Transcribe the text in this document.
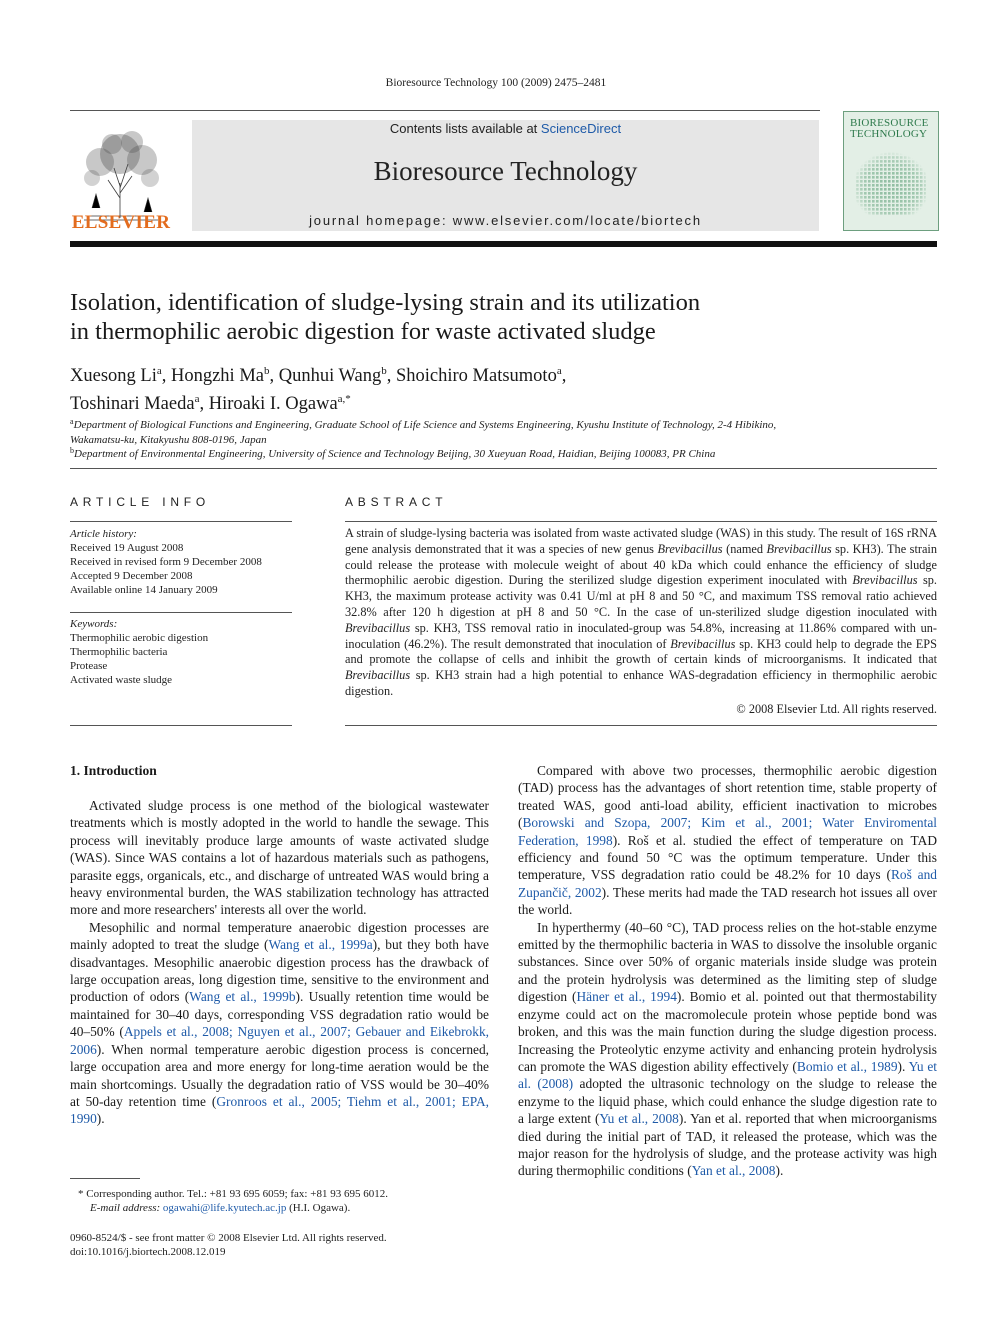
Bioresource Technology 100 (2009) 2475–2481
ELSEVIER
Contents lists available at ScienceDirect
Bioresource Technology
journal homepage: www.elsevier.com/locate/biortech
BIORESOURCE TECHNOLOGY
Isolation, identification of sludge-lysing strain and its utilization
in thermophilic aerobic digestion for waste activated sludge
Xuesong Li$^a$, Hongzhi Ma$^b$, Qunhui Wang$^b$, Shoichiro Matsumoto$^a$,
Toshinari Maeda$^a$, Hiroaki I. Ogawa$^{a,*}$
$^a$Department of Biological Functions and Engineering, Graduate School of Life Science and Systems Engineering, Kyushu Institute of Technology, 2-4 Hibikino,
Wakamatsu-ku, Kitakyushu 808-0196, Japan
$^b$Department of Environmental Engineering, University of Science and Technology Beijing, 30 Xueyuan Road, Haidian, Beijing 100083, PR China
ARTICLE INFO
Article history:
Received 19 August 2008
Received in revised form 9 December 2008
Accepted 9 December 2008
Available online 14 January 2009
Keywords:
Thermophilic aerobic digestion
Thermophilic bacteria
Protease
Activated waste sludge
ABSTRACT
A strain of sludge-lysing bacteria was isolated from waste activated sludge (WAS) in this study. The result of 16S rRNA gene analysis demonstrated that it was a species of new genus Brevibacillus (named Brevibacillus sp. KH3). The strain could release the protease with molecule weight of about 40 kDa which could enhance the efficiency of sludge thermophilic aerobic digestion. During the sterilized sludge digestion experiment inoculated with Brevibacillus sp. KH3, the maximum protease activity was 0.41 U/ml at pH 8 and 50 °C, and maximum TSS removal ratio achieved 32.8% after 120 h digestion at pH 8 and 50 °C. In the case of un-sterilized sludge digestion inoculated with Brevibacillus sp. KH3, TSS removal ratio in inoculated-group was 54.8%, increasing at 11.86% compared with un-inoculation (46.2%). The result demonstrated that inoculation of Brevibacillus sp. KH3 could help to degrade the EPS and promote the collapse of cells and inhibit the growth of certain kinds of microorganisms. It indicated that Brevibacillus sp. KH3 strain had a high potential to enhance WAS-degradation efficiency in thermophilic aerobic digestion.
© 2008 Elsevier Ltd. All rights reserved.
1. Introduction

Activated sludge process is one method of the biological wastewater treatments which is mostly adopted in the world to handle the sewage. This process will inevitably produce large amounts of waste activated sludge (WAS). Since WAS contains a lot of hazardous materials such as pathogens, parasite eggs, organicals, etc., and discharge of untreated WAS would bring a heavy environmental burden, the WAS stabilization technology has attracted more and more researchers' interests all over the world.

Mesophilic and normal temperature anaerobic digestion processes are mainly adopted to treat the sludge (Wang et al., 1999a), but they both have disadvantages. Mesophilic anaerobic digestion process has the drawback of large occupation areas, long digestion time, sensitive to the environment and production of odors (Wang et al., 1999b). Usually retention time would be maintained for 30–40 days, corresponding VSS degradation ratio would be 40–50% (Appels et al., 2008; Nguyen et al., 2007; Gebauer and Eikebrokk, 2006). When normal temperature aerobic digestion process is concerned, large occupation area and more energy for long-time aeration would be the main shortcomings. Usually the degradation ratio of VSS would be 30–40% at 50-day retention time (Gronroos et al., 2005; Tiehm et al., 2001; EPA, 1990).

Compared with above two processes, thermophilic aerobic digestion (TAD) process has the advantages of short retention time, stable property of treated WAS, good anti-load ability, efficient inactivation to microbes (Borowski and Szopa, 2007; Kim et al., 2001; Water Enviromental Federation, 1998). Roš et al. studied the effect of temperature on TAD efficiency and found 50 °C was the optimum temperature. Under this temperature, VSS degradation ratio could be 48.2% for 10 days (Roš and Zupančič, 2002). These merits had made the TAD research hot issues all over the world.

In hyperthermy (40–60 °C), TAD process relies on the hot-stable enzyme emitted by the thermophilic bacteria in WAS to dissolve the insoluble organic substances. Since over 50% of organic materials inside sludge was protein and the protein hydrolysis was determined as the limiting step of sludge digestion (Häner et al., 1994). Bomio et al. pointed out that thermostability enzyme could act on the macromolecule protein whose peptide bond was broken, and this was the main function during the sludge digestion process. Increasing the Proteolytic enzyme activity and enhancing protein hydrolysis can promote the WAS digestion ability effectively (Bomio et al., 1989). Yu et al. (2008) adopted the ultrasonic technology on the sludge to release the enzyme to the liquid phase, which could enhance the sludge digestion rate to a large extent (Yu et al., 2008). Yan et al. reported that when microorganisms died during the initial part of TAD, it released the protease, which was the major reason for the hydrolysis of sludge, and the protease activity was high during thermophilic conditions (Yan et al., 2008).

* Corresponding author. Tel.: +81 93 695 6059; fax: +81 93 695 6012.
E-mail address: ogawahi@life.kyutech.ac.jp (H.I. Ogawa).
0960-8524/$ - see front matter © 2008 Elsevier Ltd. All rights reserved.
doi:10.1016/j.biortech.2008.12.019
